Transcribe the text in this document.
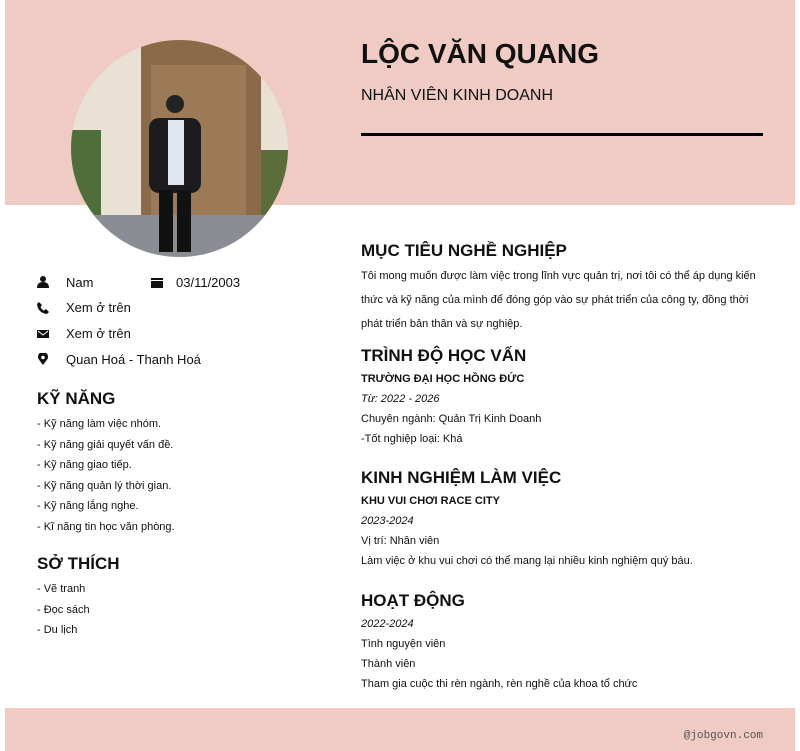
LỘC VĂN QUANG
NHÂN VIÊN KINH DOANH
Nam	03/11/2003
Xem ở trên
Xem ở trên
Quan Hoá - Thanh Hoá
KỸ NĂNG
- Kỹ năng làm việc nhóm.
- Kỹ năng giải quyết vấn đề.
- Kỹ năng giao tiếp.
- Kỹ năng quản lý thời gian.
- Kỹ năng lắng nghe.
- Kĩ năng tin học văn phòng.
SỞ THÍCH
- Vẽ tranh
- Đọc sách
- Du lịch
MỤC TIÊU NGHỀ NGHIỆP
Tôi mong muốn được làm việc trong lĩnh vực quản trị, nơi tôi có thể áp dụng kiến
thức và kỹ năng của mình để đóng góp vào sự phát triển của công ty, đồng thời
phát triển bản thân và sự nghiệp.
TRÌNH ĐỘ HỌC VẤN
TRƯỜNG ĐẠI HỌC HỒNG ĐỨC
Từ: 2022 - 2026
Chuyên ngành: Quản Trị Kinh Doanh
-Tốt nghiệp loại: Khá
KINH NGHIỆM LÀM VIỆC
KHU VUI CHƠI RACE CITY
2023-2024
Vị trí: Nhân viên
Làm việc ở khu vui chơi có thể mang lại nhiều kinh nghiệm quý báu.
HOẠT ĐỘNG
2022-2024
Tình nguyện viên
Thành viên
Tham gia cuộc thi rèn ngành, rèn nghề của khoa tổ chức
@jobgovn.com
